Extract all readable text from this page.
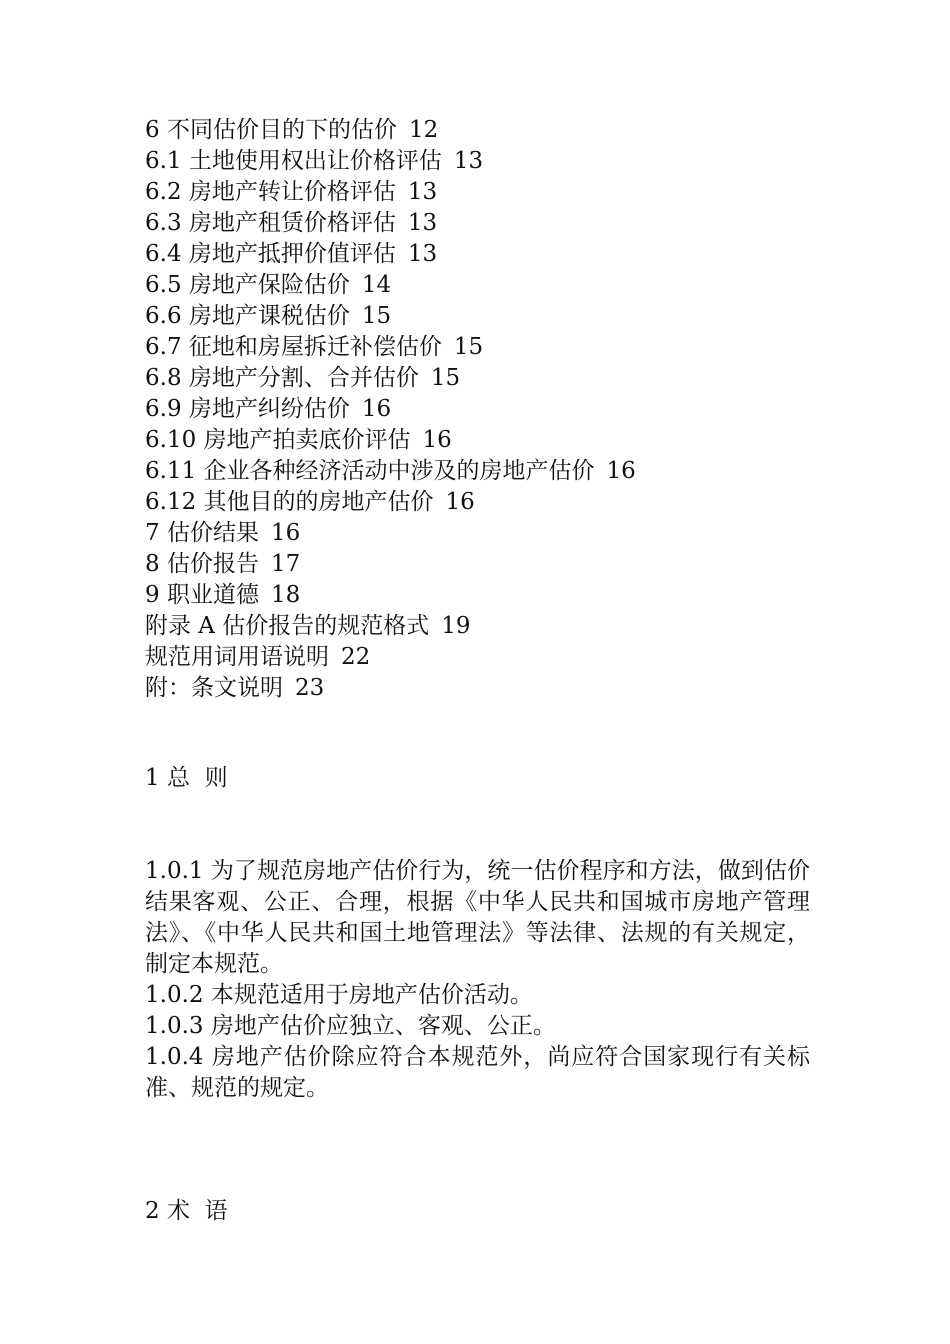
6 不同估价目的下的估价 12
6.1 土地使用权出让价格评估 13
6.2 房地产转让价格评估 13
6.3 房地产租赁价格评估 13
6.4 房地产抵押价值评估 13
6.5 房地产保险估价 14
6.6 房地产课税估价 15
6.7 征地和房屋拆迁补偿估价 15
6.8 房地产分割、合并估价 15
6.9 房地产纠纷估价 16
6.10 房地产拍卖底价评估 16
6.11 企业各种经济活动中涉及的房地产估价 16
6.12 其他目的的房地产估价 16
7 估价结果 16
8 估价报告 17
9 职业道德 18
附录 A 估价报告的规范格式 19
规范用词用语说明 22
附：条文说明 23
1 总  则

1.0.1 为了规范房地产估价行为，统一估价程序和方法，做到估价结果客观、公正、合理，根据《中华人民共和国城市房地产管理法》、《中华人民共和国土地管理法》等法律、法规的有关规定，制定本规范。

1.0.2 本规范适用于房地产估价活动。

1.0.3 房地产估价应独立、客观、公正。

1.0.4 房地产估价除应符合本规范外，尚应符合国家现行有关标准、规范的规定。

2 术  语
